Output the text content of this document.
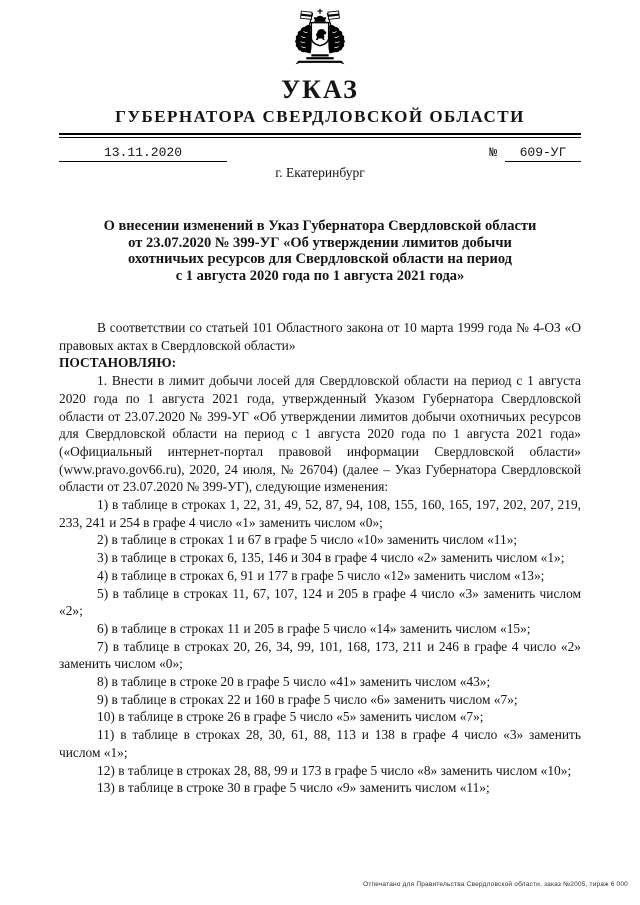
УКАЗ
ГУБЕРНАТОРА СВЕРДЛОВСКОЙ ОБЛАСТИ
13.11.2020	№ 609-УГ
г. Екатеринбург
О внесении изменений в Указ Губернатора Свердловской области
от 23.07.2020 № 399-УГ «Об утверждении лимитов добычи
охотничьих ресурсов для Свердловской области на период
с 1 августа 2020 года по 1 августа 2021 года»

В соответствии со статьей 101 Областного закона от 10 марта 1999 года № 4-ОЗ «О правовых актах в Свердловской области»

ПОСТАНОВЛЯЮ:

1. Внести в лимит добычи лосей для Свердловской области на период с 1 августа 2020 года по 1 августа 2021 года, утвержденный Указом Губернатора Свердловской области от 23.07.2020 № 399-УГ «Об утверждении лимитов добычи охотничьих ресурсов для Свердловской области на период с 1 августа 2020 года по 1 августа 2021 года» («Официальный интернет-портал правовой информации Свердловской области» (www.pravo.gov66.ru), 2020, 24 июля, № 26704) (далее – Указ Губернатора Свердловской области от 23.07.2020 № 399-УГ), следующие изменения:

1) в таблице в строках 1, 22, 31, 49, 52, 87, 94, 108, 155, 160, 165, 197, 202, 207, 219, 233, 241 и 254 в графе 4 число «1» заменить числом «0»;

2) в таблице в строках 1 и 67 в графе 5 число «10» заменить числом «11»;

3) в таблице в строках 6, 135, 146 и 304 в графе 4 число «2» заменить числом «1»;

4) в таблице в строках 6, 91 и 177 в графе 5 число «12» заменить числом «13»;

5) в таблице в строках 11, 67, 107, 124 и 205 в графе 4 число «3» заменить числом «2»;

6) в таблице в строках 11 и 205 в графе 5 число «14» заменить числом «15»;

7) в таблице в строках 20, 26, 34, 99, 101, 168, 173, 211 и 246 в графе 4 число «2» заменить числом «0»;

8) в таблице в строке 20 в графе 5 число «41» заменить числом «43»;

9) в таблице в строках 22 и 160 в графе 5 число «6» заменить числом «7»;

10) в таблице в строке 26 в графе 5 число «5» заменить числом «7»;

11) в таблице в строках 28, 30, 61, 88, 113 и 138 в графе 4 число «3» заменить числом «1»;

12) в таблице в строках 28, 88, 99 и 173 в графе 5 число «8» заменить числом «10»;

13) в таблице в строке 30 в графе 5 число «9» заменить числом «11»;

Отпечатано для Правительства Свердловской области, заказ №2005, тираж 6 000
